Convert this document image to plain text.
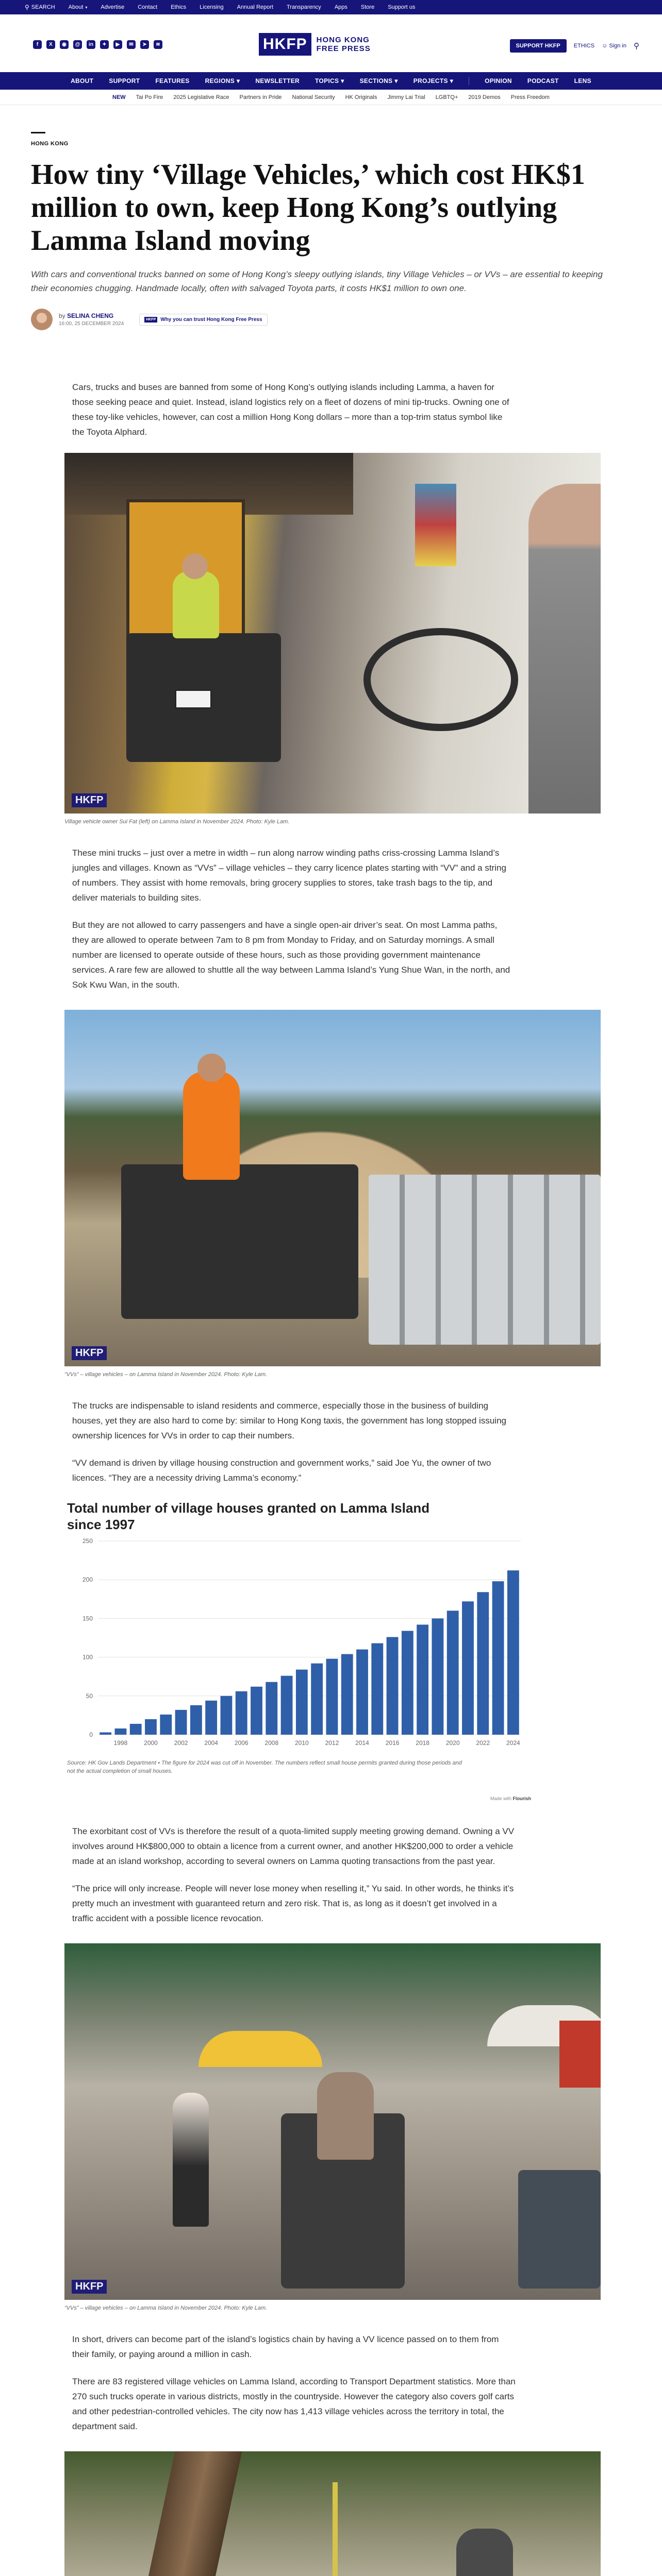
⚲ SEARCH About ▾ Advertise Contact Ethics Licensing Annual Report Transparency Apps Store Support us
f	X	◉	@	in	✦	▶	✉	➤	≋	HKFP	HONG KONG
FREE PRESS	SUPPORT HKFP	ETHICS ☺ Sign in ⚲
ABOUT	SUPPORT	FEATURES	REGIONS ▾	NEWSLETTER	TOPICS ▾	SECTIONS ▾	PROJECTS ▾	OPINION	PODCAST	LENS
NEW Tai Po Fire 2025 Legislative Race Partners in Pride National Security HK Originals Jimmy Lai Trial LGBTQ+ 2019 Demos Press Freedom
HONG KONG
How tiny ‘Village Vehicles,’ which cost HK$1 million to own, keep Hong Kong’s outlying Lamma Island moving

With cars and conventional trucks banned on some of Hong Kong’s sleepy outlying islands, tiny Village Vehicles – or VVs – are essential to keeping their economies chugging. Handmade locally, often with salvaged Toyota parts, it costs HK$1 million to own one.

by SELINA CHENG
16:00, 25 DECEMBER 2024
HKFP Why you can trust Hong Kong Free Press

Cars, trucks and buses are banned from some of Hong Kong’s outlying islands including Lamma, a haven for those seeking peace and quiet. Instead, island logistics rely on a fleet of dozens of mini tip-trucks. Owning one of these toy-like vehicles, however, can cost a million Hong Kong dollars – more than a top-trim status symbol like the Toyota Alphard.

HKFP
Village vehicle owner Sui Fat (left) on Lamma Island in November 2024. Photo: Kyle Lam.

These mini trucks – just over a metre in width – run along narrow winding paths criss-crossing Lamma Island’s jungles and villages. Known as “VVs” – village vehicles – they carry licence plates starting with “VV” and a string of numbers. They assist with home removals, bring grocery supplies to stores, take trash bags to the tip, and deliver materials to building sites.

But they are not allowed to carry passengers and have a single open-air driver’s seat. On most Lamma paths, they are allowed to operate between 7am to 8 pm from Monday to Friday, and on Saturday mornings. A small number are licensed to operate outside of these hours, such as those providing government maintenance services. A rare few are allowed to shuttle all the way between Lamma Island’s Yung Shue Wan, in the north, and Sok Kwu Wan, in the south.

HKFP
“VVs” – village vehicles – on Lamma Island in November 2024. Photo: Kyle Lam.

The trucks are indispensable to island residents and commerce, especially those in the business of building houses, yet they are also hard to come by: similar to Hong Kong taxis, the government has long stopped issuing ownership licences for VVs in order to cap their numbers.

“VV demand is driven by village housing construction and government works,” said Joe Yu, the owner of two licences. “They are a necessity driving Lamma’s economy.”

Total number of village houses granted on Lamma Island since 1997
0
50
100
150
200
250
1998	2000	2002	2004	2006	2008	2010	2012	2014	2016	2018	2020	2022	2024
Source: HK Gov Lands Department • The figure for 2024 was cut off in November. The numbers reflect small house permits granted during those periods and not the actual completion of small houses.
Made with Flourish

The exorbitant cost of VVs is therefore the result of a quota-limited supply meeting growing demand. Owning a VV involves around HK$800,000 to obtain a licence from a current owner, and another HK$200,000 to order a vehicle made at an island workshop, according to several owners on Lamma quoting transactions from the past year.

“The price will only increase. People will never lose money when reselling it,” Yu said. In other words, he thinks it’s pretty much an investment with guaranteed return and zero risk. That is, as long as it doesn’t get involved in a traffic accident with a possible licence revocation.

HKFP
“VVs” – village vehicles – on Lamma Island in November 2024. Photo: Kyle Lam.

In short, drivers can become part of the island’s logistics chain by having a VV licence passed on to them from their family, or paying around a million in cash.

There are 83 registered village vehicles on Lamma Island, according to Transport Department statistics. More than 270 such trucks operate in various districts, mostly in the countryside. However the category also covers golf carts and other pedestrian-controlled vehicles. The city now has 1,413 village vehicles across the territory in total, the department said.
